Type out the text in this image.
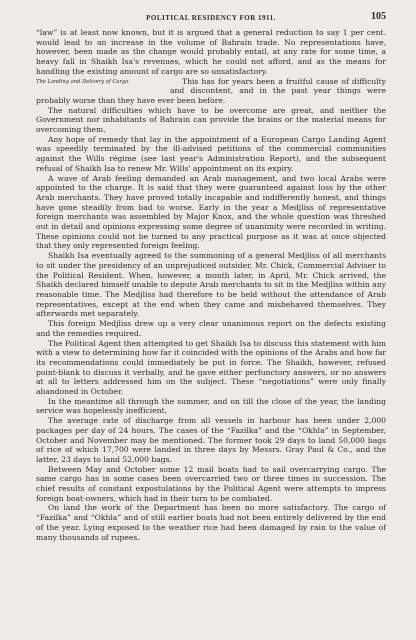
POLITICAL RESIDENCY FOR 1911.	105

“law” is at least now known, but it is argued that a general reduction to say 1 per cent. would lead to an increase in the volume of Bahrain trade. No representations have, however, been made as the change would probably entail, at any rate for some time, a heavy fall in Shaikh Isa's revenues, which he could not afford, and as the means for handling the existing amount of cargo are so unsatisfactory.

The Landing and Delivery of Cargo.	This has for years been a fruitful cause of difficulty and discontent, and in the past year things were probably worse than they have ever been before.

The natural difficulties which have to be overcome are great, and neither the Government nor inhabitants of Bahrain can provide the brains or the material means for overcoming them.

Any hope of remedy that lay in the appointment of a European Cargo Landing Agent was speedily terminated by the ill-advised petitions of the commercial communities against the Wills régime (see last year's Administration Report), and the subsequent refusal of Shaikh Isa to renew Mr. Wills' appointment on its expiry.

A wave of Arab feeling demanded an Arab management, and two local Arabs were appointed to the charge. It is said that they were guaranteed against loss by the other Arab merchants. They have proved totally incapable and indifferently honest, and things have gone steadily from bad to worse. Early in the year a Medjliss of representative foreign merchants was assembled by Major Knox, and the whole question was threshed out in detail and opinions expressing some degree of unanimity were recorded in writing. These opinions could not be turned to any practical purpose as it was at once objected that they only represented foreign feeling.

Shaikh Isa eventually agreed to the summoning of a general Medjliss of all merchants to sit under the presidency of an unprejudiced outsider, Mr. Chick, Commercial Adviser to the Political Resident. When, however, a month later, in April, Mr. Chick arrived, the Shaikh declared himself unable to depute Arab merchants to sit in the Medjliss within any reasonable time. The Medjliss had therefore to be held without the attendance of Arab representatives, except at the end when they came and misbehaved themselves. They afterwards met separately.

This foreign Medjliss drew up a very clear unanimous report on the defects existing and the remedies required.

The Political Agent then attempted to get Shaikh Isa to discuss this statement with him with a view to determining how far it coincided with the opinions of the Arabs and how far its recommendations could immediately be put in force. The Shaikh, however, refused point-blank to discuss it verbally, and he gave either perfunctory answers, or no answers at all to letters addressed him on the subject. These “negotiations” were only finally abandoned in October.

In the meantime all through the summer, and on till the close of the year, the landing service was hopelessly inefficient.

The average rate of discharge from all vessels in harbour has been under 2,000 packages per day of 24 hours. The cases of the “Fazilka” and the “Okhla” in September, October and November may be mentioned. The former took 29 days to land 50,000 bags of rice of which 17,700 were landed in three days by Messrs. Gray Paul & Co., and the latter, 23 days to land 52,000 bags.

Between May and October some 12 mail boats had to sail overcarrying cargo. The same cargo has in some cases been overcarried two or three times in succession. The chief results of constant expostulations by the Political Agent were attempts to impress foreign boat-owners, which had in their turn to be combated.

On land the work of the Department has been no more satisfactory. The cargo of “Fazilka” and “Okhla” and of still earlier boats had not been entirely delivered by the end of the year. Lying exposed to the weather rice had been damaged by rain to the value of many thousands of rupees.
